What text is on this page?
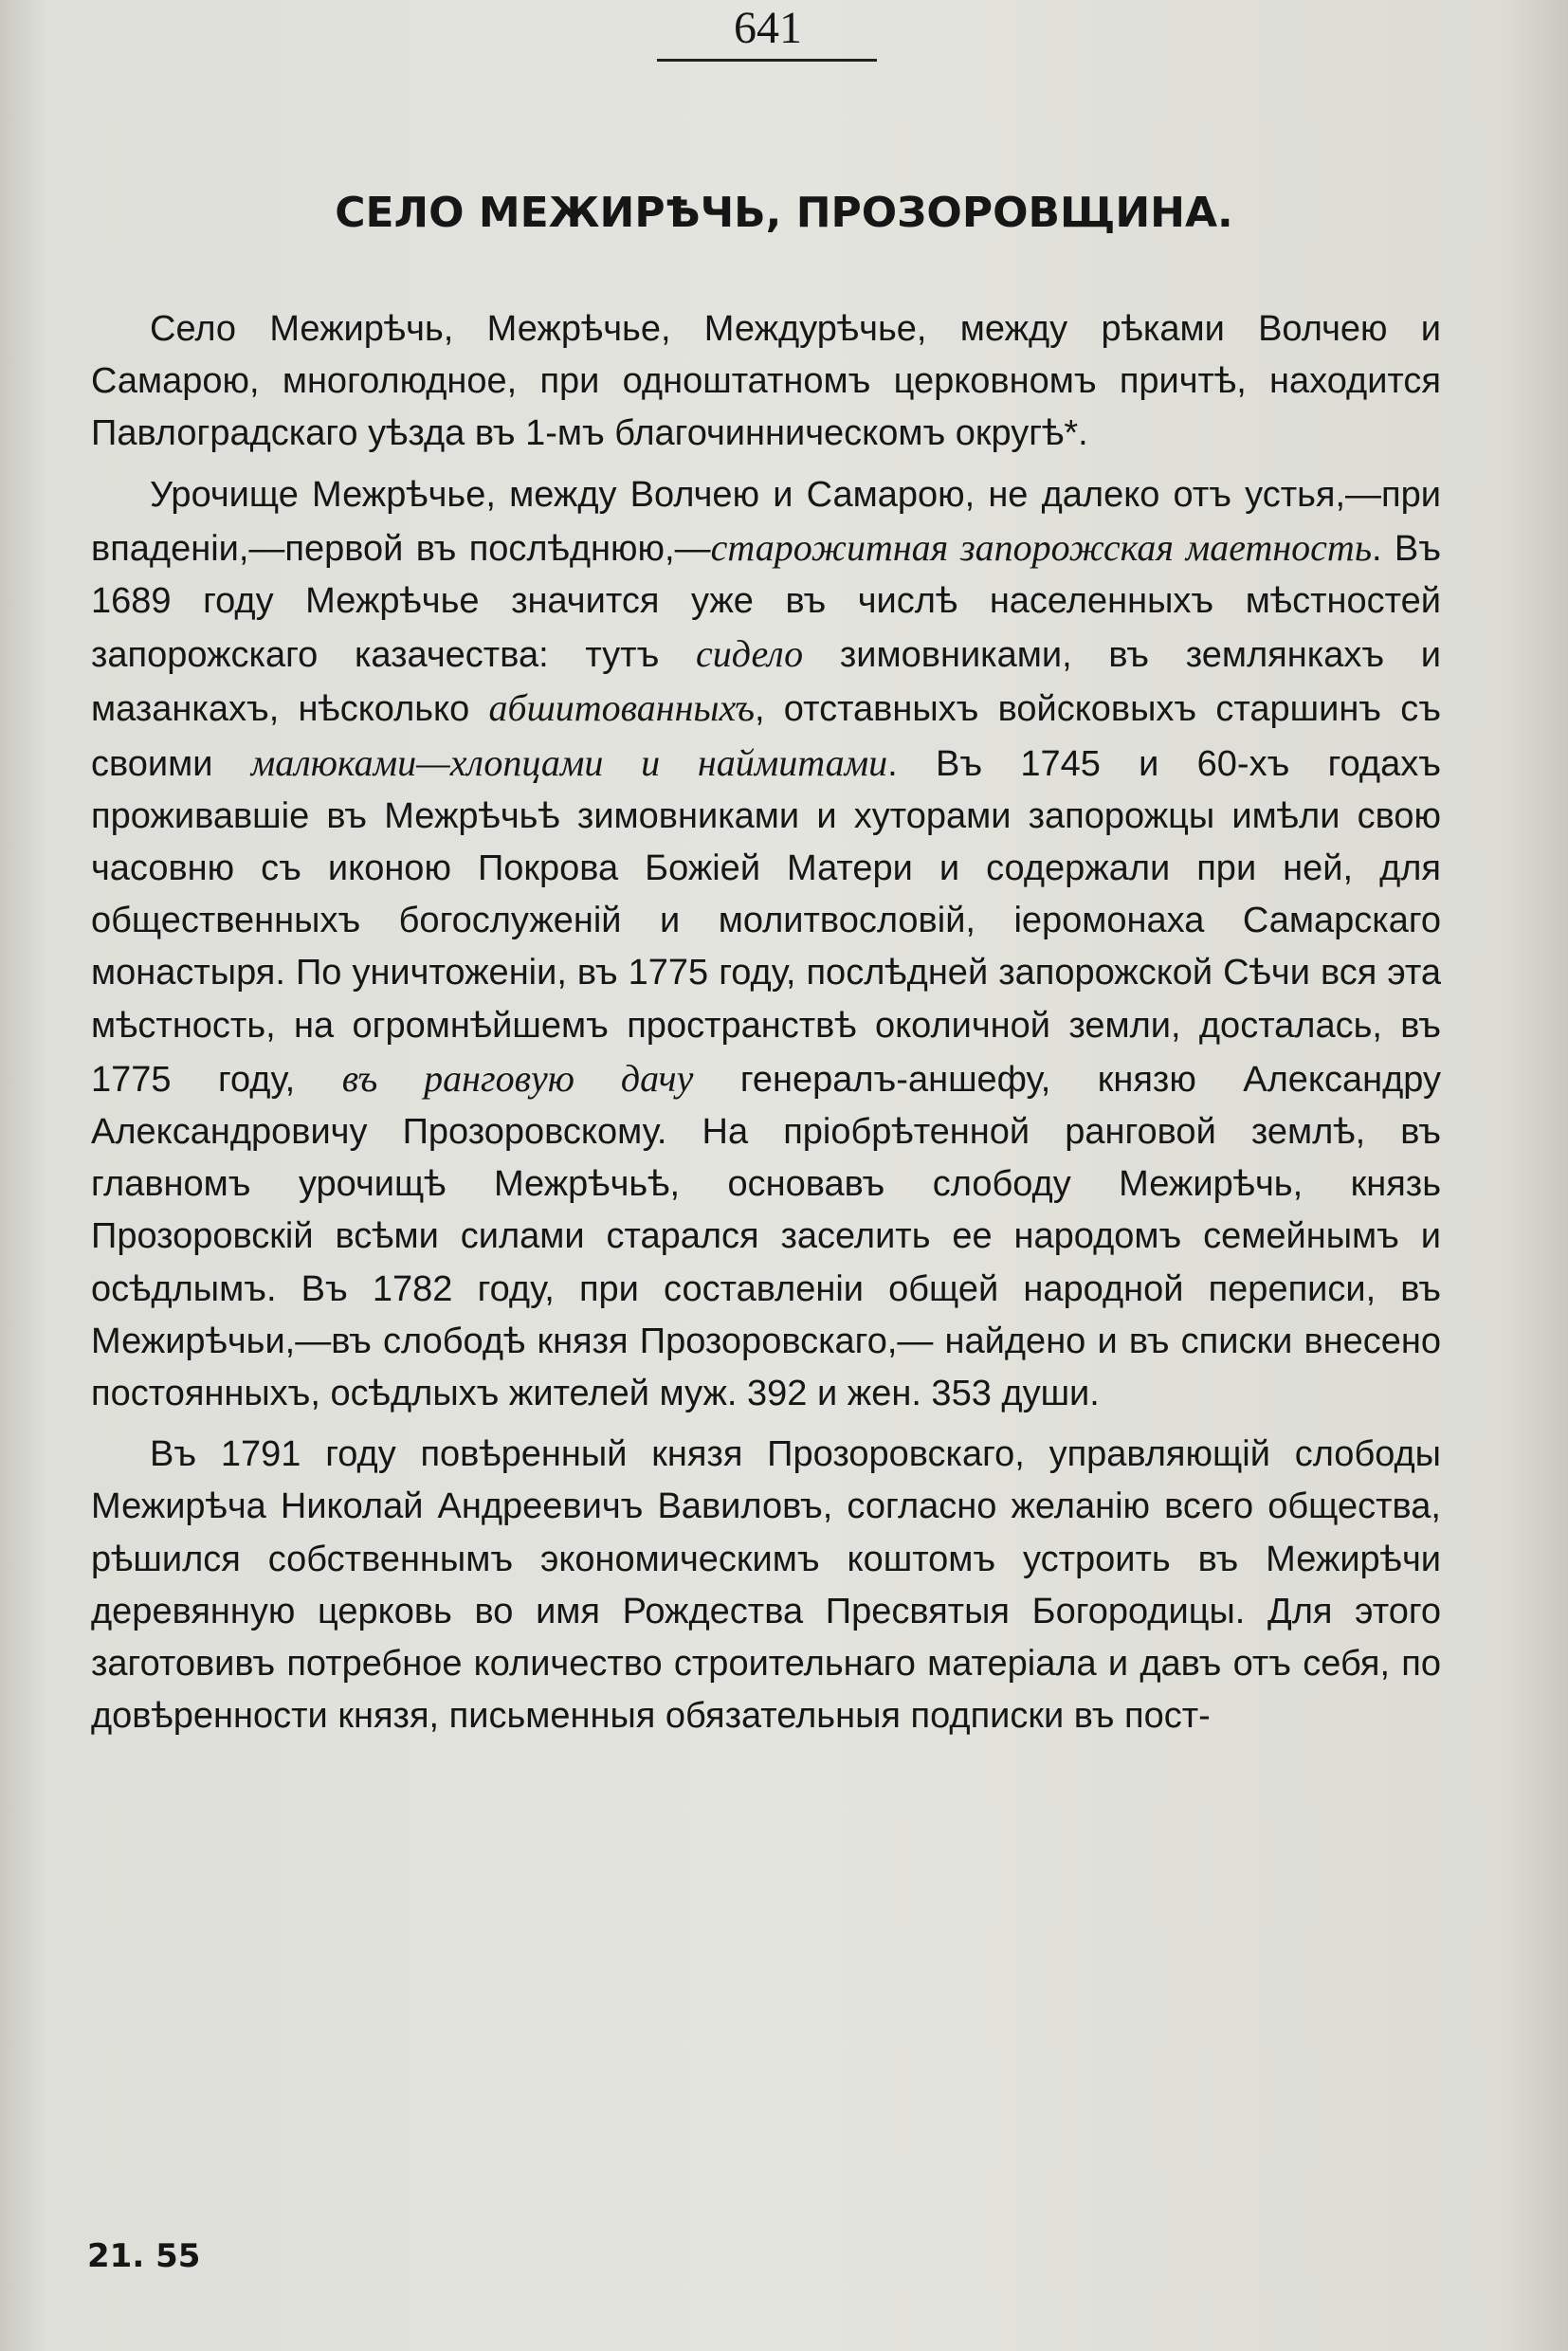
641
СЕЛО МЕЖИРѢЧЬ, ПРОЗОРОВЩИНА.

Село Межирѣчь, Межрѣчье, Междурѣчье, между рѣками Волчею и Самарою, многолюдное, при одноштатномъ церковномъ причтѣ, находится Павлоградскаго уѣзда въ 1-мъ благочинническомъ округѣ*.

Урочище Межрѣчье, между Волчею и Самарою, не далеко отъ устья,—при впаденіи,—первой въ послѣднюю,—старожитная запорожская маетность. Въ 1689 году Межрѣчье значится уже въ числѣ населенныхъ мѣстностей запорожскаго казачества: тутъ сидело зимовниками, въ землянкахъ и мазанкахъ, нѣсколько абшитованныхъ, отставныхъ войсковыхъ старшинъ съ своими малюками—хлопцами и наймитами. Въ 1745 и 60-хъ годахъ проживавшіе въ Межрѣчьѣ зимовниками и хуторами запорожцы имѣли свою часовню съ иконою Покрова Божіей Матери и содержали при ней, для общественныхъ богослуженій и молитвословій, іеромонаха Самарскаго монастыря. По уничтоженіи, въ 1775 году, послѣдней запорожской Сѣчи вся эта мѣстность, на огромнѣйшемъ пространствѣ околичной земли, досталась, въ 1775 году, въ ранговую дачу генералъ-аншефу, князю Александру Александровичу Прозоровскому. На пріобрѣтенной ранговой землѣ, въ главномъ урочищѣ Межрѣчьѣ, основавъ слободу Межирѣчь, князь Прозоровскій всѣми силами старался заселить ее народомъ семейнымъ и осѣдлымъ. Въ 1782 году, при составленіи общей народной переписи, въ Межирѣчьи,—въ слободѣ князя Прозоровскаго,— найдено и въ списки внесено постоянныхъ, осѣдлыхъ жителей муж. 392 и жен. 353 души.

Въ 1791 году повѣренный князя Прозоровскаго, управляющій слободы Межирѣча Николай Андреевичъ Вавиловъ, согласно желанію всего общества, рѣшился собственнымъ экономическимъ коштомъ устроить въ Межирѣчи деревянную церковь во имя Рождества Пресвятыя Богородицы. Для этого заготовивъ потребное количество строительнаго матеріала и давъ отъ себя, по довѣренности князя, письменныя обязательныя подписки въ пост-

21. 55
